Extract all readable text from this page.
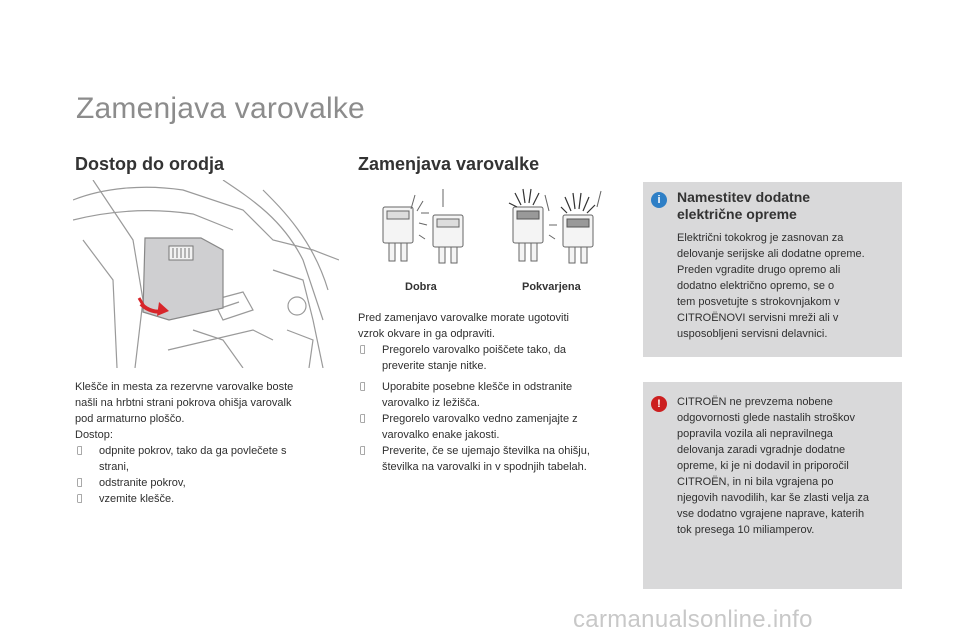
Zamenjava varovalke
Dostop do orodja

Klešče in mesta za rezervne varovalke boste

našli na hrbtni strani pokrova ohišja varovalk

pod armaturno ploščo.

Dostop:

odpnite pokrov, tako da ga povlečete s

strani,

odstranite pokrov,

vzemite klešče.

Zamenjava varovalke
Dobra	Pokvarjena

Pred zamenjavo varovalke morate ugotoviti

vzrok okvare in ga odpraviti.

Pregorelo varovalko poiščete tako, da

preverite stanje nitke.

Uporabite posebne klešče in odstranite

varovalko iz ležišča.

Pregorelo varovalko vedno zamenjajte z

varovalko enake jakosti.

Preverite, če se ujemajo številka na ohišju,

številka na varovalki in v spodnjih tabelah.

i	Namestitev dodatne
električne opreme
Električni tokokrog je zasnovan za
delovanje serijske ali dodatne opreme.
Preden vgradite drugo opremo ali
dodatno električno opremo, se o
tem posvetujte s strokovnjakom v
CITROËNOVI servisni mreži ali v
usposobljeni servisni delavnici.
!	CITROËN ne prevzema nobene
odgovornosti glede nastalih stroškov
popravila vozila ali nepravilnega
delovanja zaradi vgradnje dodatne
opreme, ki je ni dodavil in priporočil
CITROËN, in ni bila vgrajena po
njegovih navodilih, kar še zlasti velja za
vse dodatno vgrajene naprave, katerih
tok presega 10 miliamperov.
carmanualsonline.info
